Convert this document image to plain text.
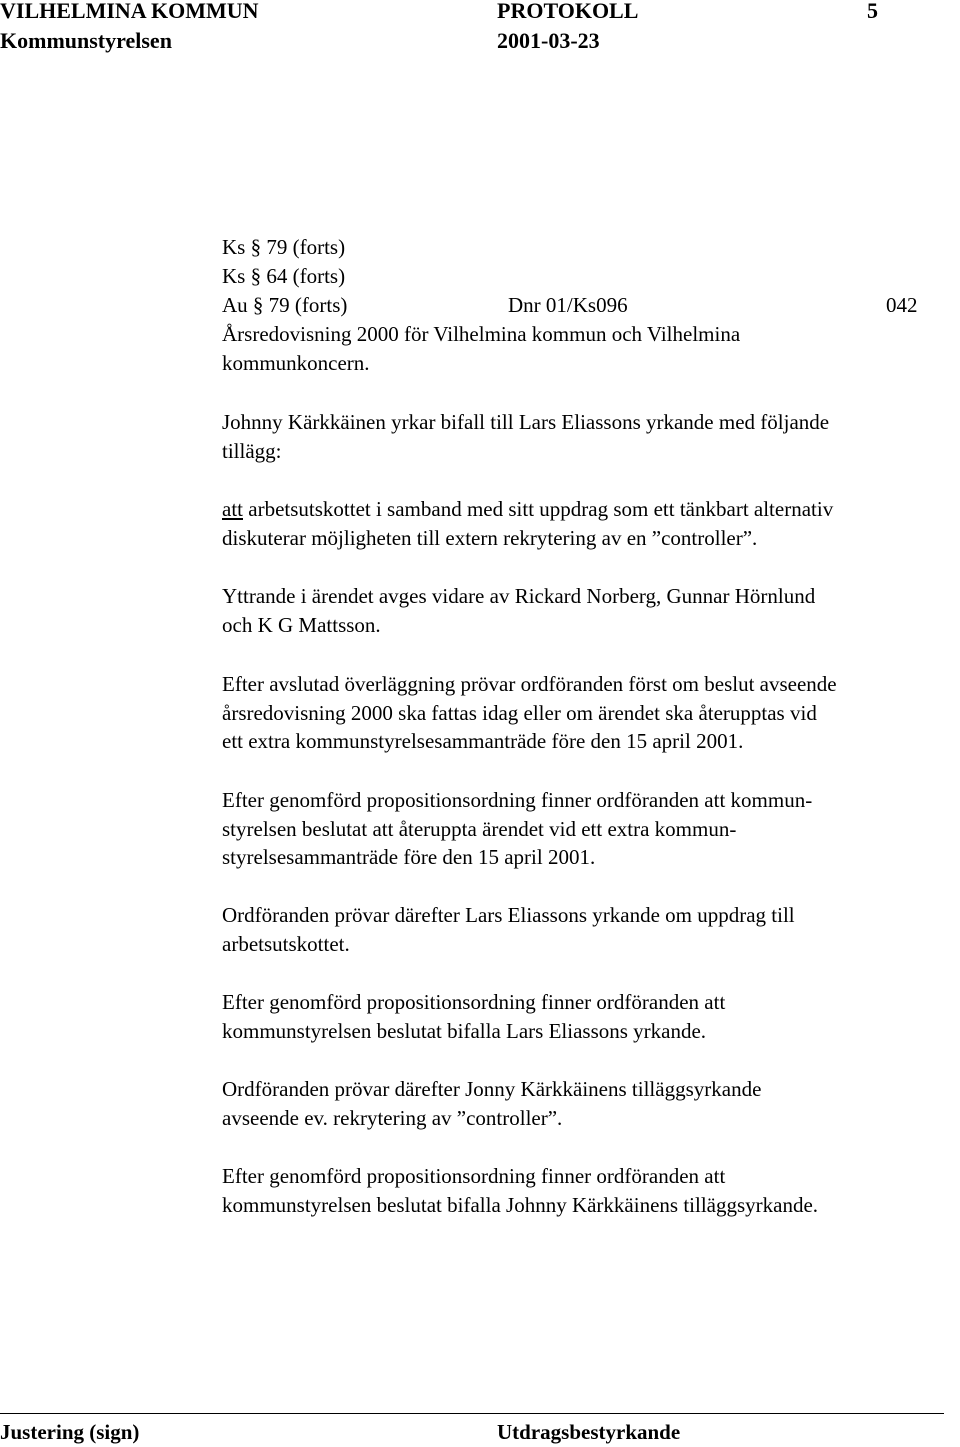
VILHELMINA KOMMUN	PROTOKOLL	5
Kommunstyrelsen	2001-03-23
Ks § 79 (forts)
Ks § 64 (forts)
Au § 79 (forts)	Dnr 01/Ks096	042
Årsredovisning 2000 för Vilhelmina kommun och Vilhelmina
kommunkoncern.
Johnny Kärkkäinen yrkar bifall till Lars Eliassons yrkande med följande
tillägg:
att arbetsutskottet i samband med sitt uppdrag som ett tänkbart alternativ
diskuterar möjligheten till extern rekrytering av en ”controller”.
Yttrande i ärendet avges vidare av Rickard Norberg, Gunnar Hörnlund
och K G Mattsson.
Efter avslutad överläggning prövar ordföranden först om beslut avseende
årsredovisning 2000 ska fattas idag eller om ärendet ska återupptas vid
ett extra kommunstyrelsesammanträde före den 15 april 2001.
Efter genomförd propositionsordning finner ordföranden att kommun-
styrelsen beslutat att återuppta ärendet vid ett extra kommun-
styrelsesammanträde före den 15 april 2001.
Ordföranden prövar därefter Lars Eliassons yrkande om uppdrag till
arbetsutskottet.
Efter genomförd propositionsordning finner ordföranden att
kommunstyrelsen beslutat bifalla Lars Eliassons yrkande.
Ordföranden prövar därefter Jonny Kärkkäinens tilläggsyrkande
avseende ev. rekrytering av ”controller”.
Efter genomförd propositionsordning finner ordföranden att
kommunstyrelsen beslutat bifalla Johnny Kärkkäinens tilläggsyrkande.
Justering (sign)	Utdragsbestyrkande
